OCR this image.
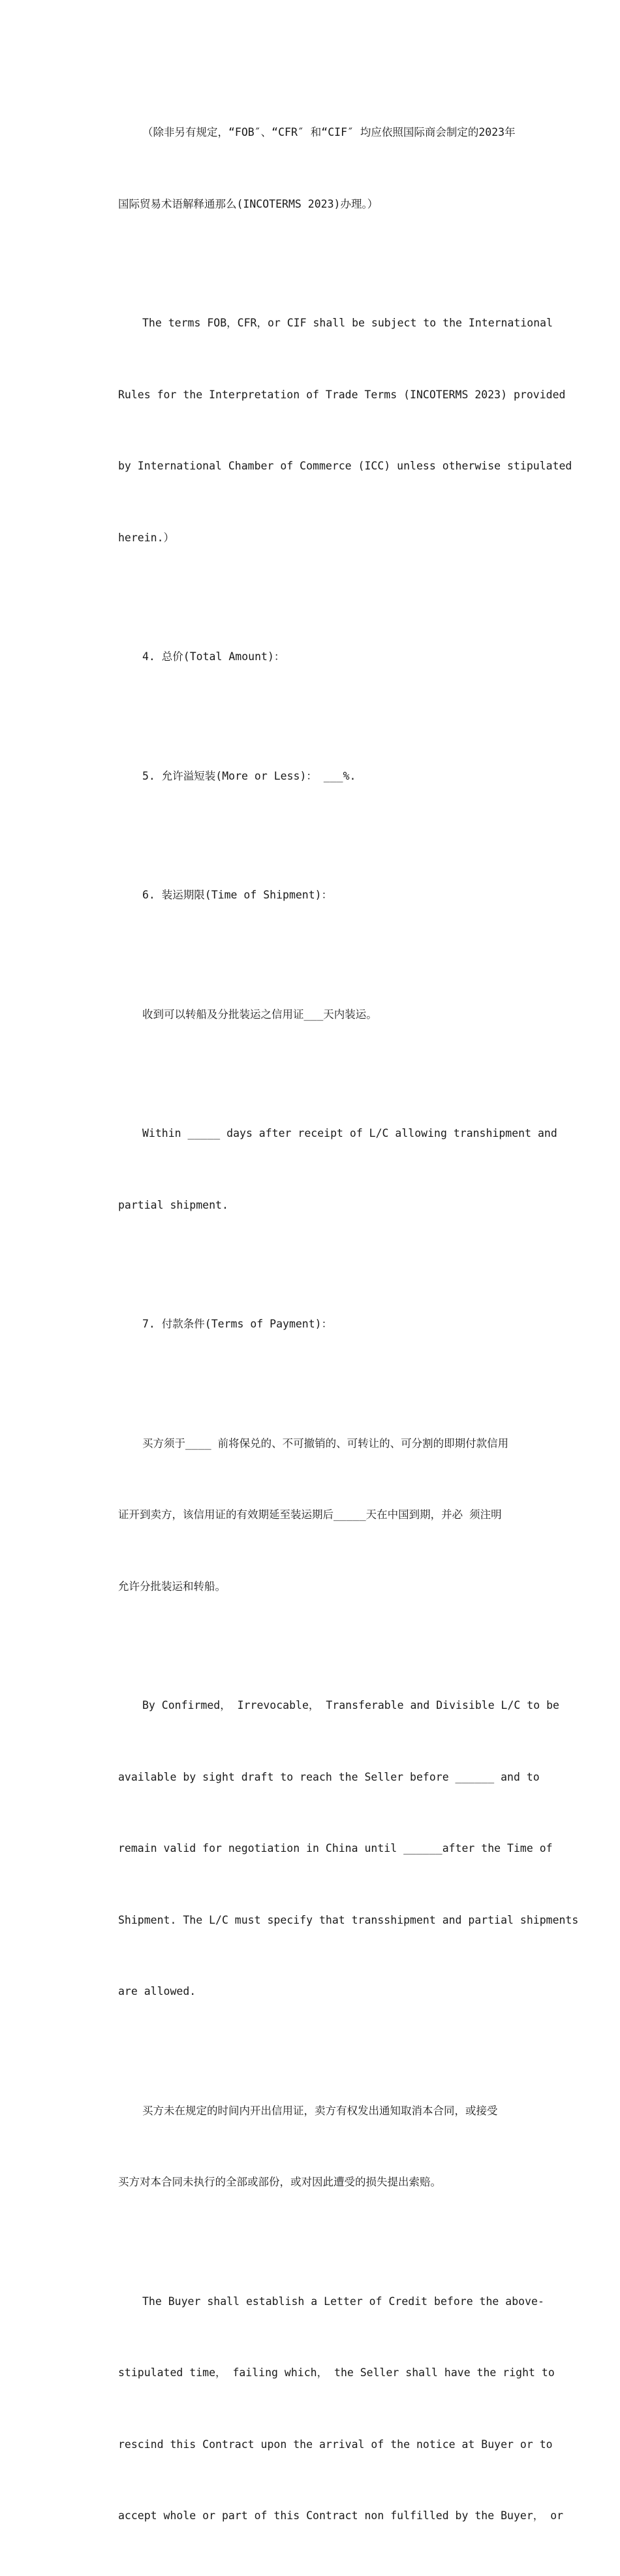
（除非另有规定，“FOB″、“CFR″ 和“CIF″ 均应依照国际商会制定的2023年

国际贸易术语解释通那么(INCOTERMS 2023)办理。）

The terms FOB，CFR，or CIF shall be subject to the International

Rules for the Interpretation of Trade Terms (INCOTERMS 2023) provided

by International Chamber of Commerce (ICC) unless otherwise stipulated

herein.）

4. 总价(Total Amount)：

5. 允许溢短装(More or Less)： ___%.

6. 装运期限(Time of Shipment)：

收到可以转船及分批装运之信用证___天内装运。

Within _____ days after receipt of L/C allowing transhipment and

partial shipment.

7. 付款条件(Terms of Payment)：

买方须于____ 前将保兑的、不可撤销的、可转让的、可分割的即期付款信用

证开到卖方，该信用证的有效期延至装运期后_____天在中国到期，并必 须注明

允许分批装运和转船。

By Confirmed， Irrevocable， Transferable and Divisible L/C to be

available by sight draft to reach the Seller before ______ and to

remain valid for negotiation in China until ______after the Time of

Shipment. The L/C must specify that transshipment and partial shipments

are allowed.

买方未在规定的时间内开出信用证，卖方有权发出通知取消本合同，或接受

买方对本合同未执行的全部或部份，或对因此遭受的损失提出索赔。

The Buyer shall establish a Letter of Credit before the above-

stipulated time， failing which， the Seller shall have the right to

rescind this Contract upon the arrival of the notice at Buyer or to

accept whole or part of this Contract non fulfilled by the Buyer， or
